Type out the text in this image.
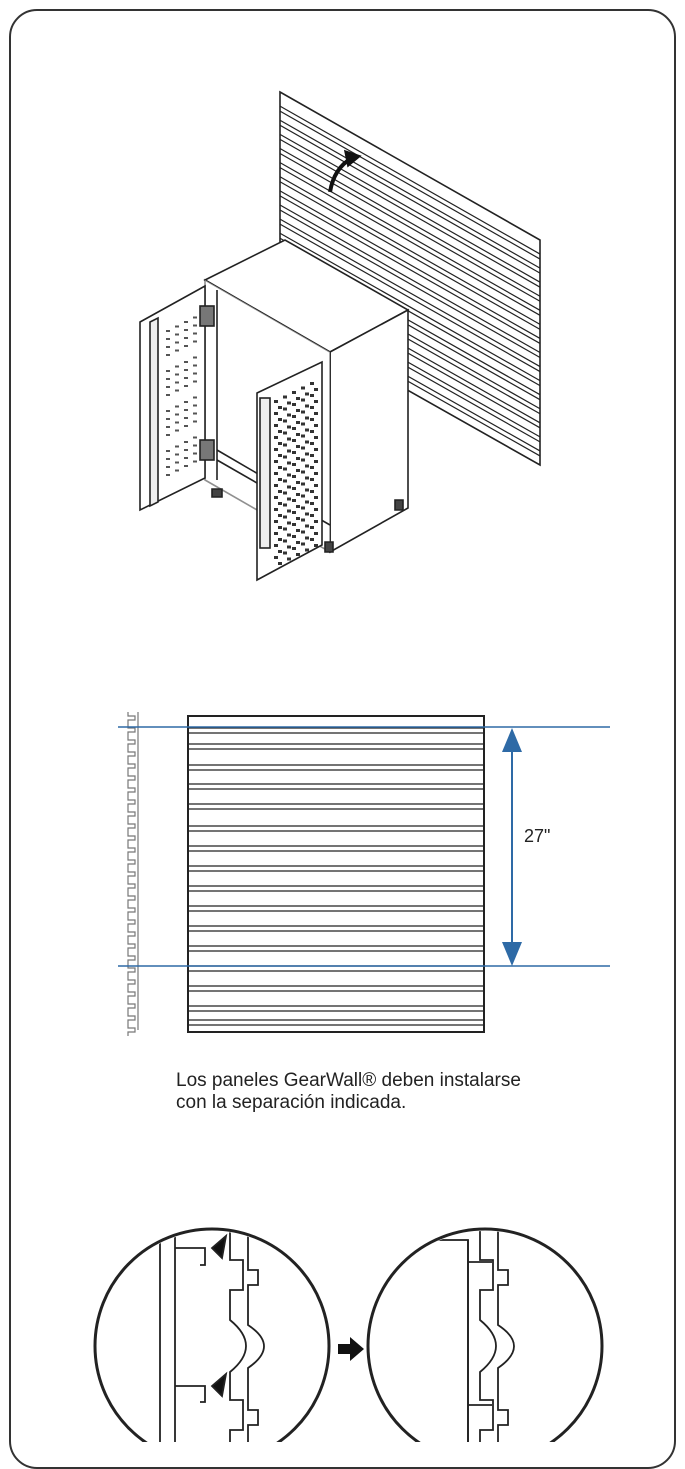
27"
Los paneles GearWall® deben instalarse con la separación indicada.
